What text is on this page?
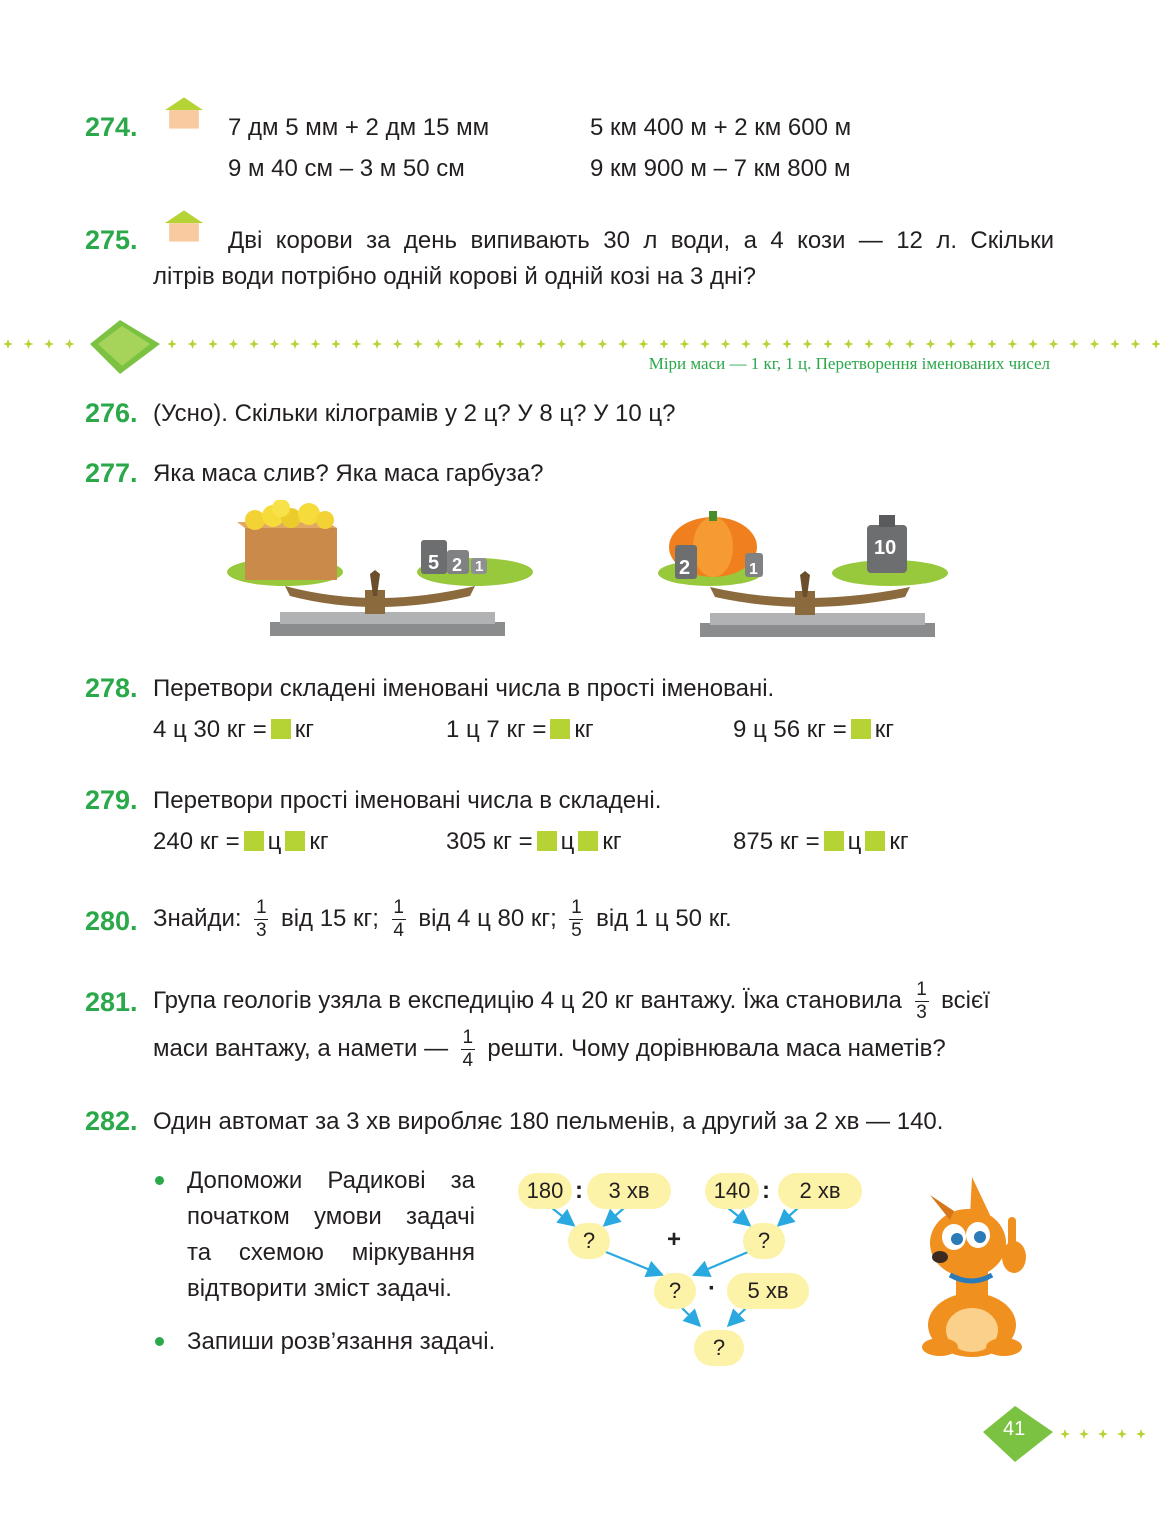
274.	7 дм 5 мм + 2 дм 15 мм	5 км 400 м + 2 км 600 м
9 м 40 см – 3 м 50 см	9 км 900 м – 7 км 800 м
275.	Дві корови за день випивають 30 л води, а 4 кози — 12 л. Скільки
літрів води потрібно одній корові й одній козі на 3 дні?
Міри маси — 1 кг, 1 ц. Перетворення іменованих чисел
276. (Усно). Скільки кілограмів у 2 ц? У 8 ц? У 10 ц?
277. Яка маса слив? Яка маса гарбуза?
5 2 1	2	1
10
278. Перетвори складені іменовані числа в прості іменовані.
4 ц 30 кг = кг	1 ц 7 кг = кг	9 ц 56 кг = кг
279. Перетвори прості іменовані числа в складені.
240 кг = ц кг	305 кг = ц кг	875 кг = ц кг
280. Знайди: $\frac{1}{3}$ від 15 кг; $\frac{1}{4}$ від 4 ц 80 кг; $\frac{1}{5}$ від 1 ц 50 кг.
281. Група геологів узяла в експедицію 4 ц 20 кг вантажу. Їжа становила $\frac{1}{3}$ всієї
маси вантажу, а намети — $\frac{1}{4}$ решти. Чому дорівнювала маса наметів?
282. Один автомат за 3 хв виробляє 180 пельменів, а другий за 2 хв — 140.
Допоможи Радикові за
початком умови задачі
та схемою міркування
відтворити зміст задачі.
Запиши розв’язання задачі.
180 :	3 хв	140 :	2 хв
?	+	?
?	·	5 хв
?
41
